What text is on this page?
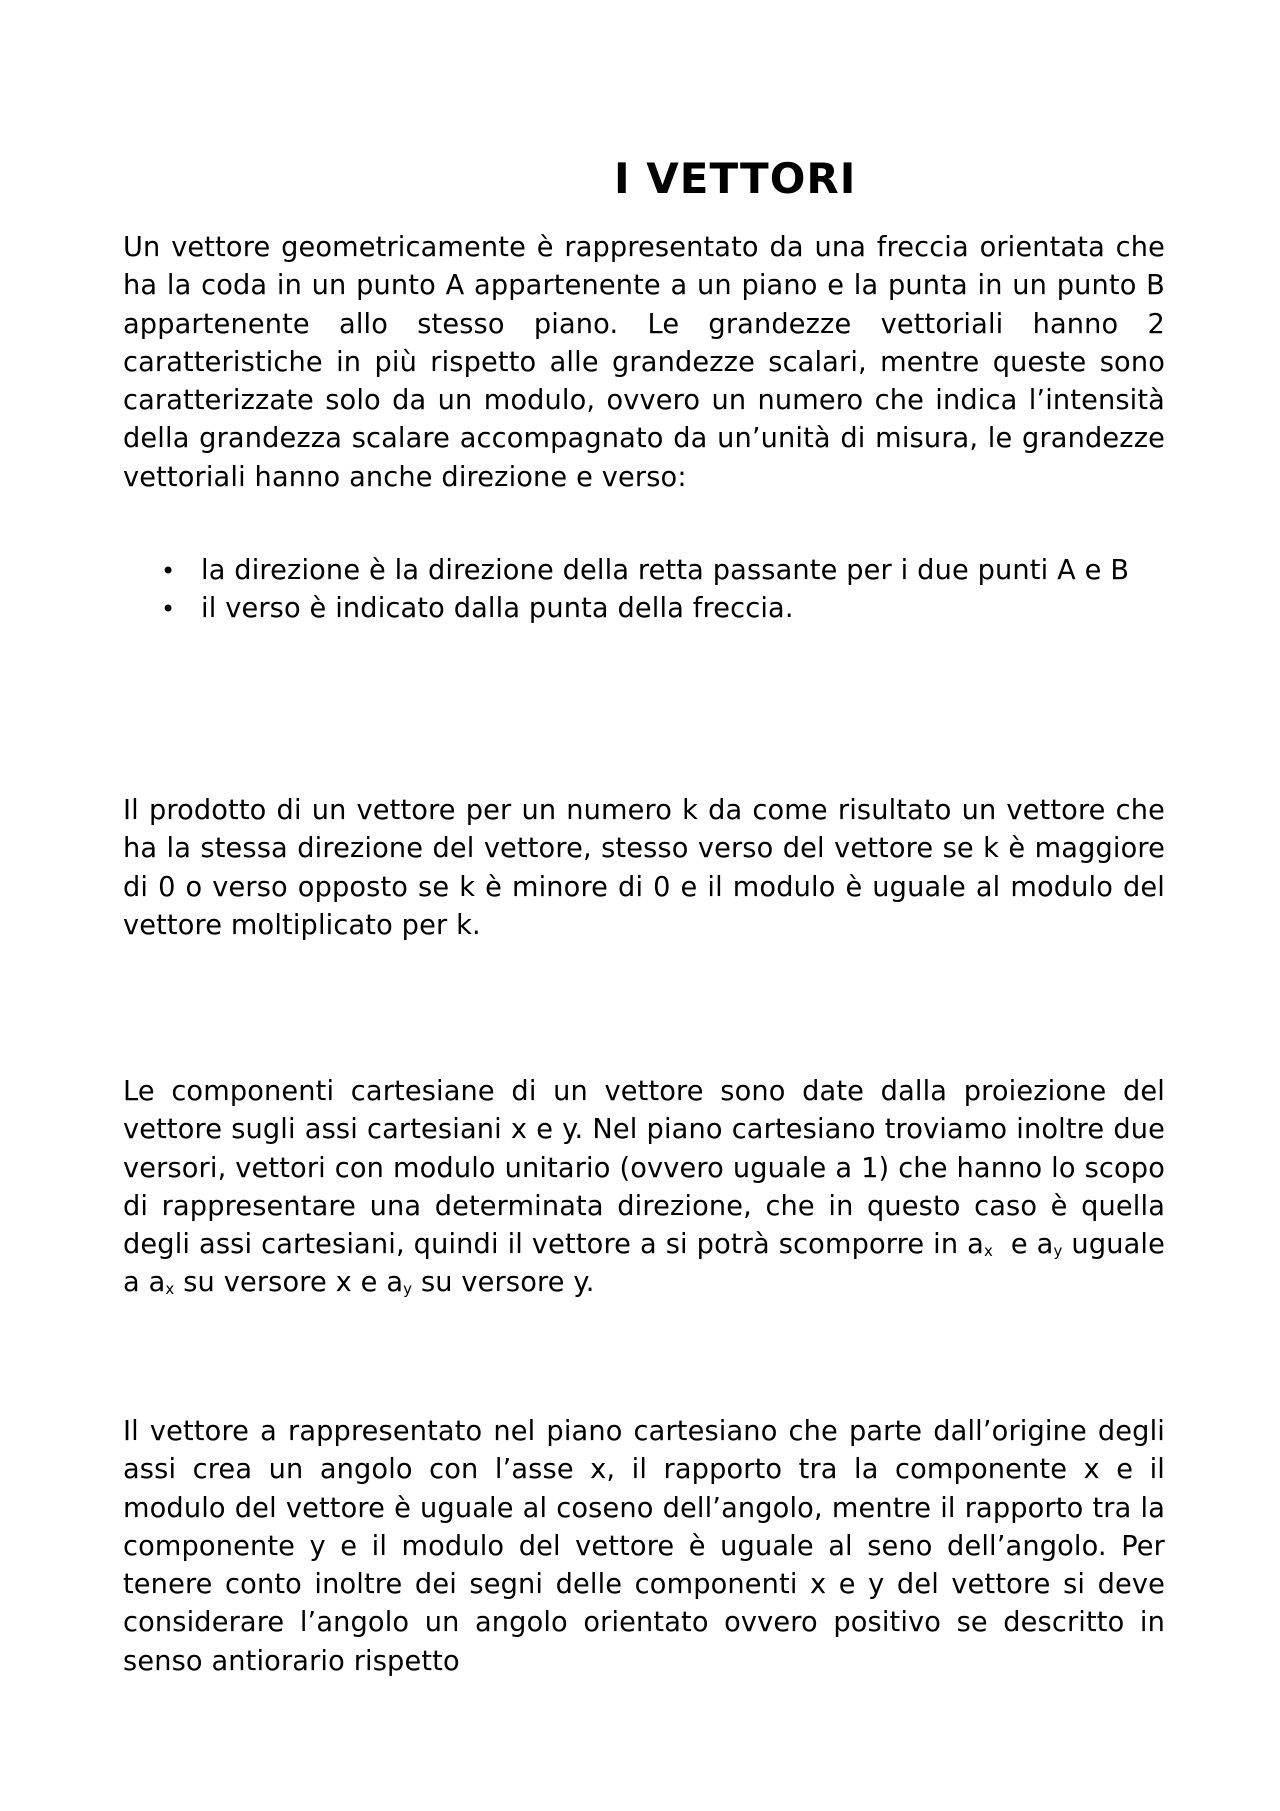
I VETTORI

Un vettore geometricamente è rappresentato da una freccia orientata che ha la coda in un punto A appartenente a un piano e la punta in un punto B appartenente allo stesso piano. Le grandezze vettoriali hanno 2 caratteristiche in più rispetto alle grandezze scalari, mentre queste sono caratterizzate solo da un modulo, ovvero un numero che indica l’intensità della grandezza scalare accompagnato da un’unità di misura, le grandezze vettoriali hanno anche direzione e verso:

• la direzione è la direzione della retta passante per i due punti A e B
• il verso è indicato dalla punta della freccia.

Il prodotto di un vettore per un numero k da come risultato un vettore che ha la stessa direzione del vettore, stesso verso del vettore se k è maggiore di 0 o verso opposto se k è minore di 0 e il modulo è uguale al modulo del vettore moltiplicato per k.

Le componenti cartesiane di un vettore sono date dalla proiezione del vettore sugli assi cartesiani x e y. Nel piano cartesiano troviamo inoltre due versori, vettori con modulo unitario (ovvero uguale a 1) che hanno lo scopo di rappresentare una determinata direzione, che in questo caso è quella degli assi cartesiani, quindi il vettore a si potrà scomporre in $a_x$  e $a_y$ uguale a $a_x$ su versore x e $a_y$ su versore y.

Il vettore a rappresentato nel piano cartesiano che parte dall’origine degli assi crea un angolo con l’asse x, il rapporto tra la componente x e il modulo del vettore è uguale al coseno dell’angolo, mentre il rapporto tra la componente y e il modulo del vettore è uguale al seno dell’angolo. Per tenere conto inoltre dei segni delle componenti x e y del vettore si deve considerare l’angolo un angolo orientato ovvero positivo se descritto in senso antiorario rispetto
